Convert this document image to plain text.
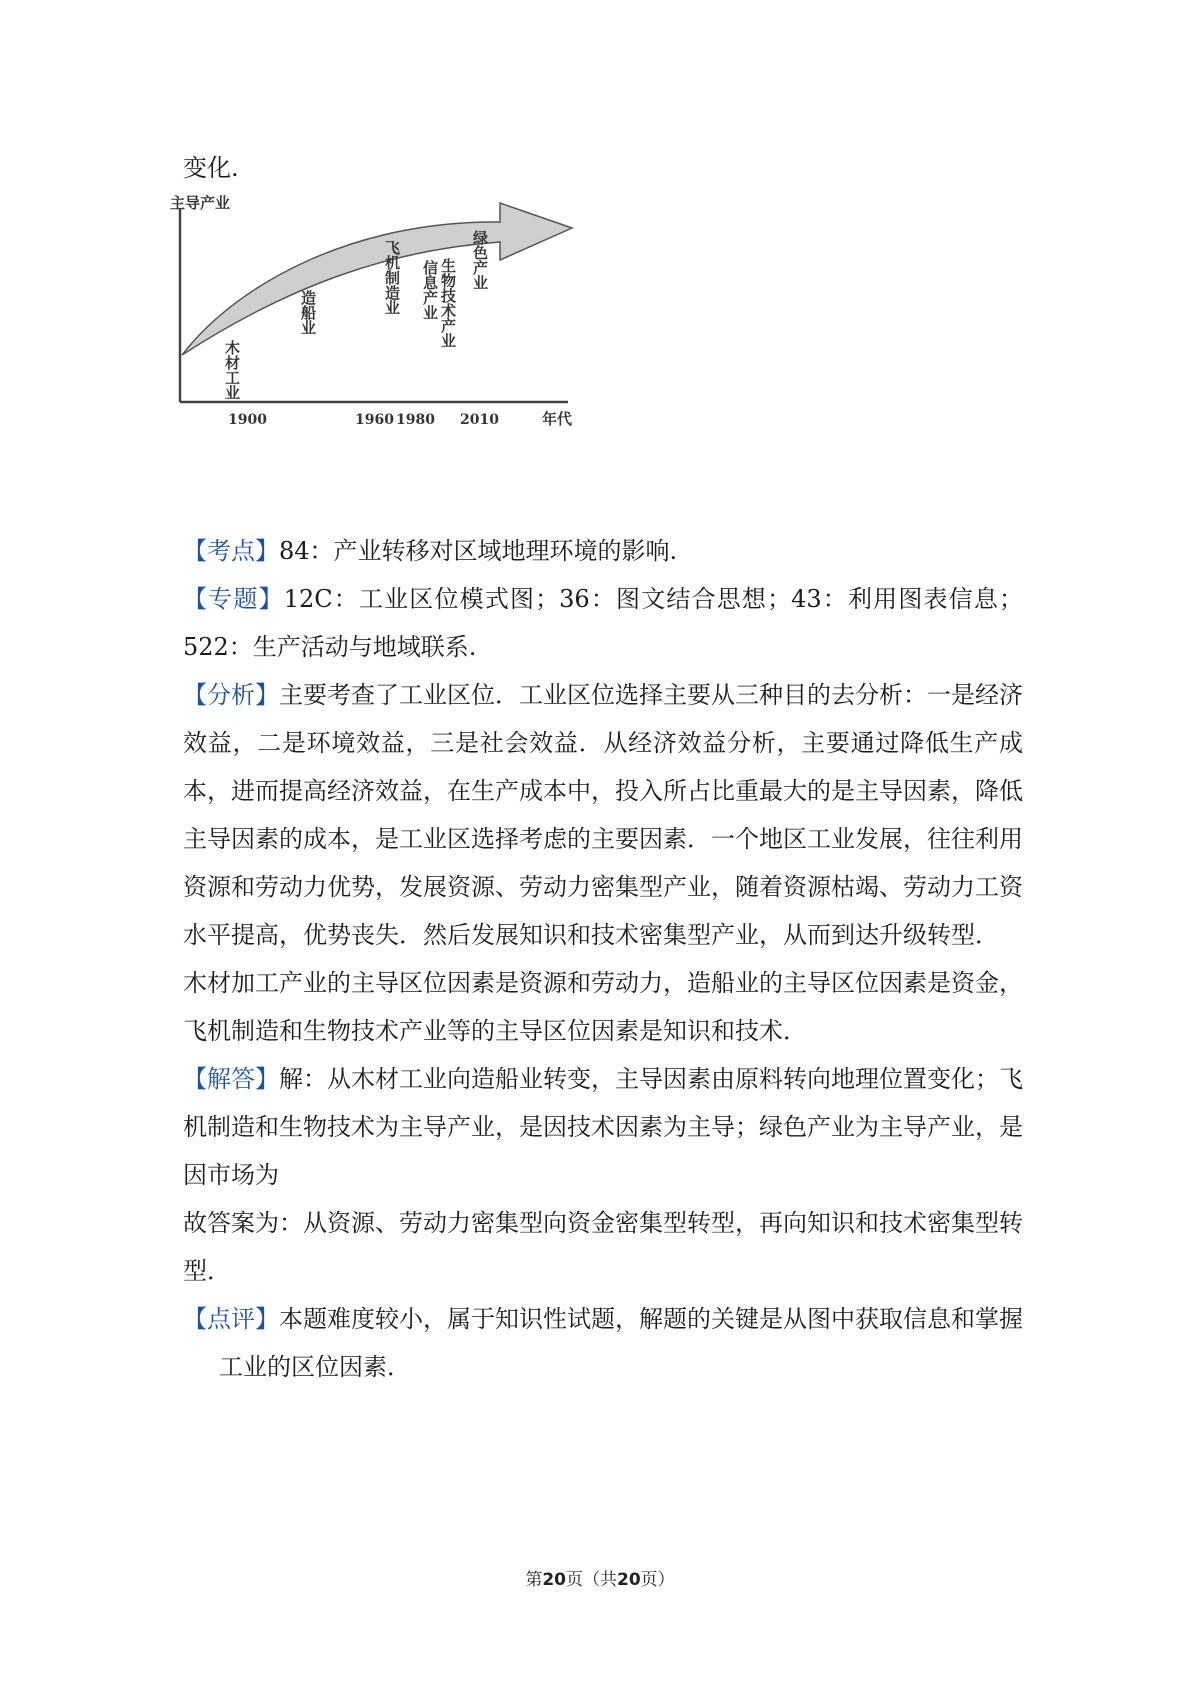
变化.
主导产业
1900	1960 1980 2010	年代
木材工业
造船业	飞机制造业 信息产业 生物技术产业 绿色产业

【考点】84：产业转移对区域地理环境的影响.

【专题】12C：工业区位模式图；36：图文结合思想；43：利用图表信息；522：生产活动与地域联系.

【分析】主要考查了工业区位．工业区位选择主要从三种目的去分析：一是经济效益，二是环境效益，三是社会效益．从经济效益分析，主要通过降低生产成本，进而提高经济效益，在生产成本中，投入所占比重最大的是主导因素，降低主导因素的成本，是工业区选择考虑的主要因素．一个地区工业发展，往往利用资源和劳动力优势，发展资源、劳动力密集型产业，随着资源枯竭、劳动力工资水平提高，优势丧失．然后发展知识和技术密集型产业，从而到达升级转型．

木材加工产业的主导区位因素是资源和劳动力，造船业的主导区位因素是资金，飞机制造和生物技术产业等的主导区位因素是知识和技术．

【解答】解：从木材工业向造船业转变，主导因素由原料转向地理位置变化；飞机制造和生物技术为主导产业，是因技术因素为主导；绿色产业为主导产业，是因市场为

故答案为：从资源、劳动力密集型向资金密集型转型，再向知识和技术密集型转型．

【点评】本题难度较小，属于知识性试题，解题的关键是从图中获取信息和掌握工业的区位因素．

第20页（共20页）
